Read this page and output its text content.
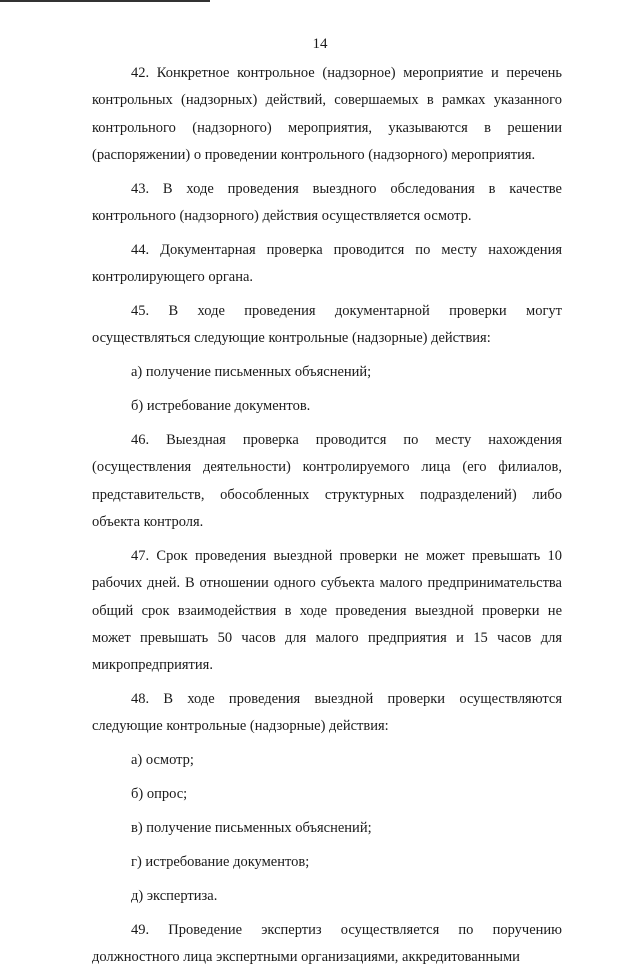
14

42. Конкретное контрольное (надзорное) мероприятие и перечень контрольных (надзорных) действий, совершаемых в рамках указанного контрольного (надзорного) мероприятия, указываются в решении (распоряжении) о проведении контрольного (надзорного) мероприятия.

43. В ходе проведения выездного обследования в качестве контрольного (надзорного) действия осуществляется осмотр.

44. Документарная проверка проводится по месту нахождения контролирующего органа.

45. В ходе проведения документарной проверки могут осуществляться следующие контрольные (надзорные) действия:

а) получение письменных объяснений;

б) истребование документов.

46. Выездная проверка проводится по месту нахождения (осуществления деятельности) контролируемого лица (его филиалов, представительств, обособленных структурных подразделений) либо объекта контроля.

47. Срок проведения выездной проверки не может превышать 10 рабочих дней. В отношении одного субъекта малого предпринимательства общий срок взаимодействия в ходе проведения выездной проверки не может превышать 50 часов для малого предприятия и 15 часов для микропредприятия.

48. В ходе проведения выездной проверки осуществляются следующие контрольные (надзорные) действия:

а) осмотр;

б) опрос;

в) получение письменных объяснений;

г) истребование документов;

д) экспертиза.

49. Проведение экспертиз осуществляется по поручению должностного лица экспертными организациями, аккредитованными
